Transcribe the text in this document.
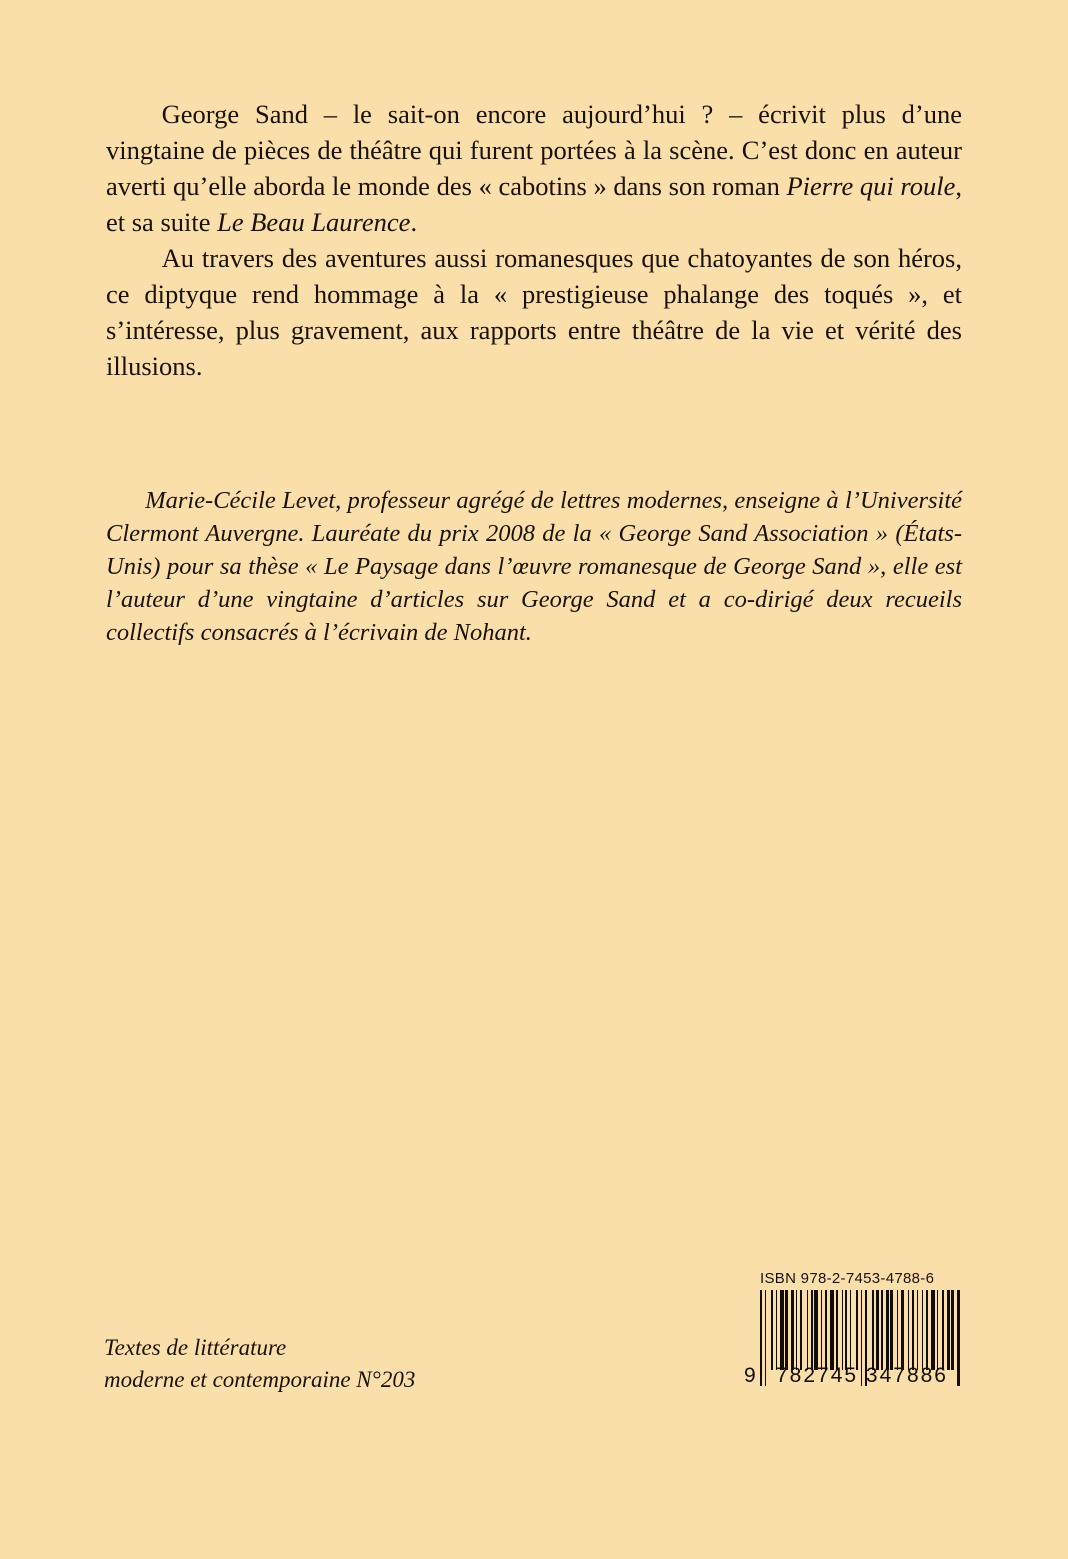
George Sand – le sait-on encore aujourd’hui ? – écrivit plus d’une vingtaine de pièces de théâtre qui furent portées à la scène. C’est donc en auteur averti qu’elle aborda le monde des « cabotins » dans son roman Pierre qui roule, et sa suite Le Beau Laurence.

Au travers des aventures aussi romanesques que chatoyantes de son héros, ce diptyque rend hommage à la « prestigieuse phalange des toqués », et s’intéresse, plus gravement, aux rapports entre théâtre de la vie et vérité des illusions.

Marie-Cécile Levet, professeur agrégé de lettres modernes, enseigne à l’Université Clermont Auvergne. Lauréate du prix 2008 de la « George Sand Association » (États-Unis) pour sa thèse « Le Paysage dans l’œuvre romanesque de George Sand », elle est l’auteur d’une vingtaine d’articles sur George Sand et a co-dirigé deux recueils collectifs consacrés à l’écrivain de Nohant.

Textes de littérature
moderne et contemporaine N°203
ISBN 978-2-7453-4788-6
9 782745 347886
